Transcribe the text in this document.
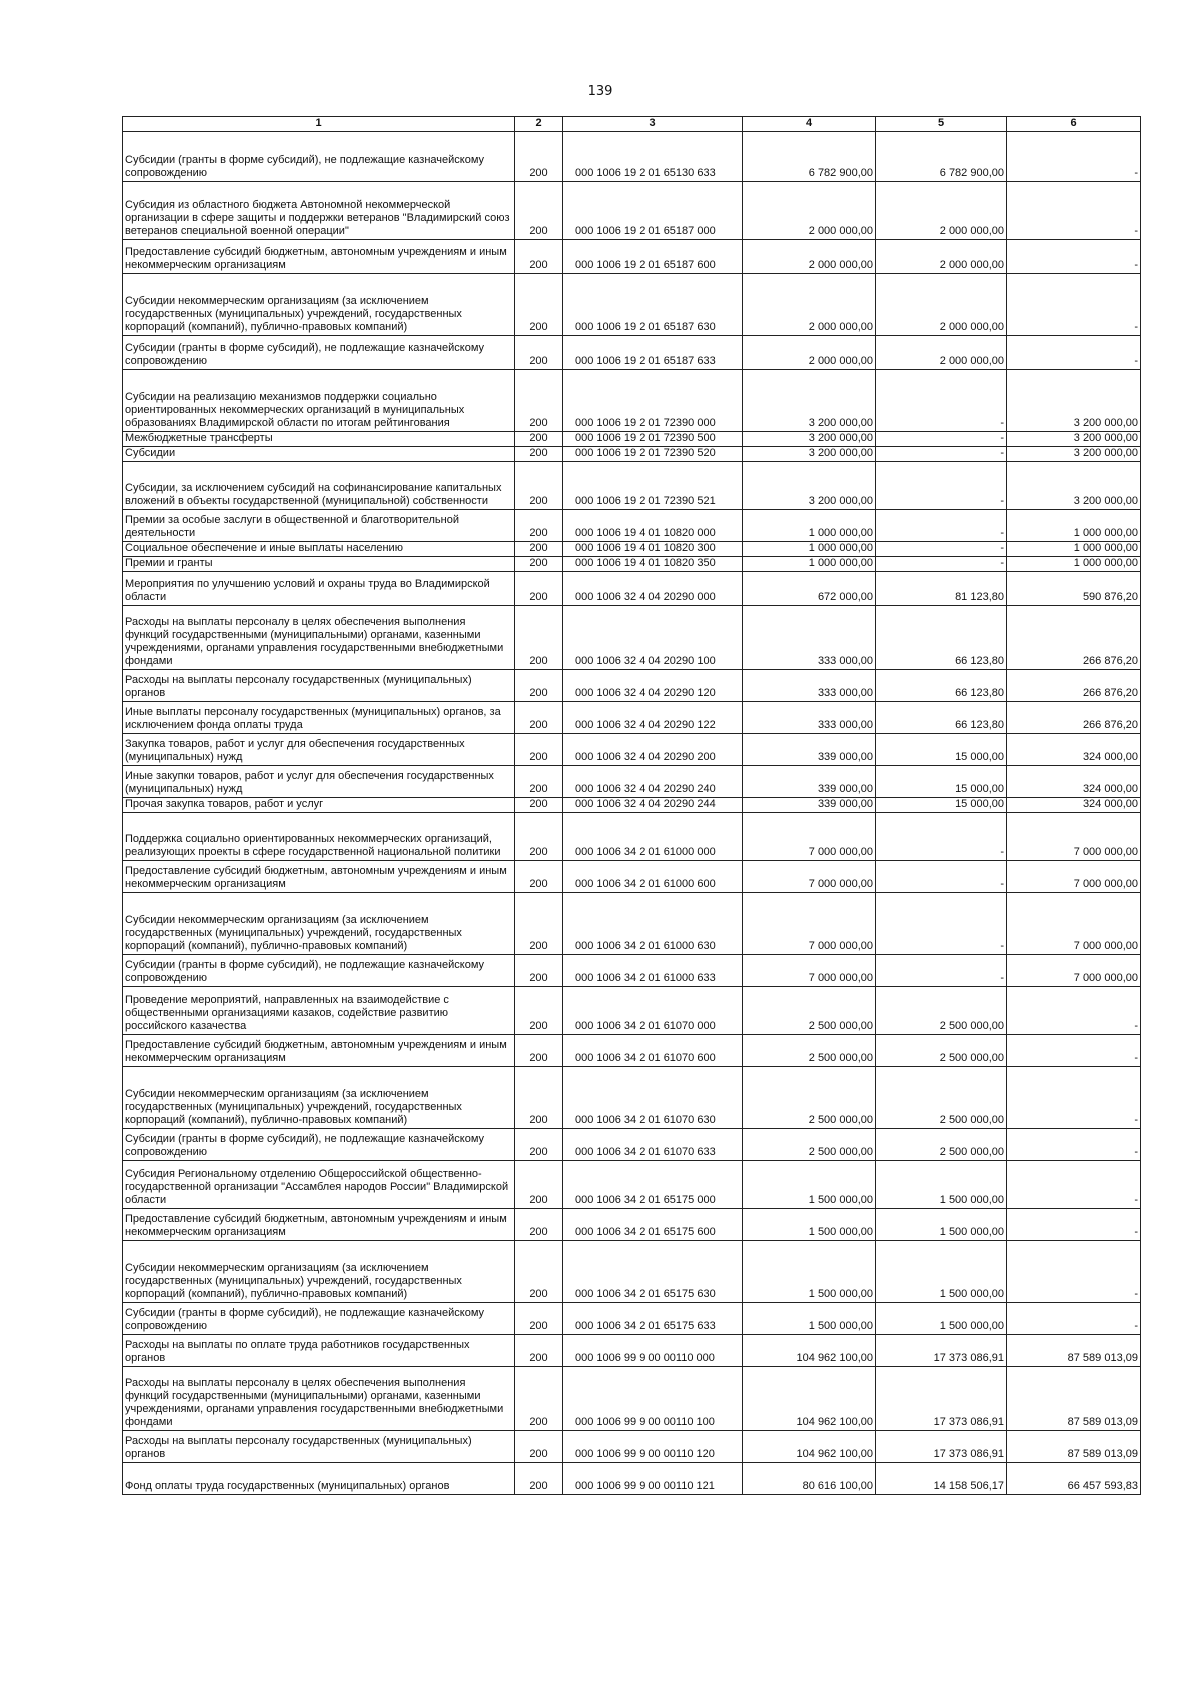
139
1	2	3	4	5	6
Субсидии (гранты в форме субсидий), не подлежащие казначейскому сопровождению	200	000 1006 19 2 01 65130 633	6 782 900,00	6 782 900,00	-
Субсидия из областного бюджета Автономной некоммерческой организации в сфере защиты и поддержки ветеранов "Владимирский союз ветеранов специальной военной операции"	200	000 1006 19 2 01 65187 000	2 000 000,00	2 000 000,00	-
Предоставление субсидий бюджетным, автономным учреждениям и иным некоммерческим организациям	200	000 1006 19 2 01 65187 600	2 000 000,00	2 000 000,00	-
Субсидии некоммерческим организациям (за исключением государственных (муниципальных) учреждений, государственных корпораций (компаний), публично-правовых компаний)	200	000 1006 19 2 01 65187 630	2 000 000,00	2 000 000,00	-
Субсидии (гранты в форме субсидий), не подлежащие казначейскому сопровождению	200	000 1006 19 2 01 65187 633	2 000 000,00	2 000 000,00	-
Субсидии на реализацию механизмов поддержки социально ориентированных некоммерческих организаций в муниципальных образованиях Владимирской области по итогам рейтингования	200	000 1006 19 2 01 72390 000	3 200 000,00	-	3 200 000,00
Межбюджетные трансферты	200	000 1006 19 2 01 72390 500	3 200 000,00	-	3 200 000,00
Субсидии	200	000 1006 19 2 01 72390 520	3 200 000,00	-	3 200 000,00
Субсидии, за исключением субсидий на софинансирование капитальных вложений в объекты государственной (муниципальной) собственности	200	000 1006 19 2 01 72390 521	3 200 000,00	-	3 200 000,00
Премии за особые заслуги в общественной и благотворительной деятельности	200	000 1006 19 4 01 10820 000	1 000 000,00	-	1 000 000,00
Социальное обеспечение и иные выплаты населению	200	000 1006 19 4 01 10820 300	1 000 000,00	-	1 000 000,00
Премии и гранты	200	000 1006 19 4 01 10820 350	1 000 000,00	-	1 000 000,00
Мероприятия по улучшению условий и охраны труда во Владимирской области	200	000 1006 32 4 04 20290 000	672 000,00	81 123,80	590 876,20
Расходы на выплаты персоналу в целях обеспечения выполнения функций государственными (муниципальными) органами, казенными учреждениями, органами управления государственными внебюджетными фондами	200	000 1006 32 4 04 20290 100	333 000,00	66 123,80	266 876,20
Расходы на выплаты персоналу государственных (муниципальных) органов	200	000 1006 32 4 04 20290 120	333 000,00	66 123,80	266 876,20
Иные выплаты персоналу государственных (муниципальных) органов, за исключением фонда оплаты труда	200	000 1006 32 4 04 20290 122	333 000,00	66 123,80	266 876,20
Закупка товаров, работ и услуг для обеспечения государственных (муниципальных) нужд	200	000 1006 32 4 04 20290 200	339 000,00	15 000,00	324 000,00
Иные закупки товаров, работ и услуг для обеспечения государственных (муниципальных) нужд	200	000 1006 32 4 04 20290 240	339 000,00	15 000,00	324 000,00
Прочая закупка товаров, работ и услуг	200	000 1006 32 4 04 20290 244	339 000,00	15 000,00	324 000,00
Поддержка социально ориентированных некоммерческих организаций, реализующих проекты в сфере государственной национальной политики	200	000 1006 34 2 01 61000 000	7 000 000,00	-	7 000 000,00
Предоставление субсидий бюджетным, автономным учреждениям и иным некоммерческим организациям	200	000 1006 34 2 01 61000 600	7 000 000,00	-	7 000 000,00
Субсидии некоммерческим организациям (за исключением государственных (муниципальных) учреждений, государственных корпораций (компаний), публично-правовых компаний)	200	000 1006 34 2 01 61000 630	7 000 000,00	-	7 000 000,00
Субсидии (гранты в форме субсидий), не подлежащие казначейскому сопровождению	200	000 1006 34 2 01 61000 633	7 000 000,00	-	7 000 000,00
Проведение мероприятий, направленных на взаимодействие с общественными организациями казаков, содействие развитию российского казачества	200	000 1006 34 2 01 61070 000	2 500 000,00	2 500 000,00	-
Предоставление субсидий бюджетным, автономным учреждениям и иным некоммерческим организациям	200	000 1006 34 2 01 61070 600	2 500 000,00	2 500 000,00	-
Субсидии некоммерческим организациям (за исключением государственных (муниципальных) учреждений, государственных корпораций (компаний), публично-правовых компаний)	200	000 1006 34 2 01 61070 630	2 500 000,00	2 500 000,00	-
Субсидии (гранты в форме субсидий), не подлежащие казначейскому сопровождению	200	000 1006 34 2 01 61070 633	2 500 000,00	2 500 000,00	-
Субсидия Региональному отделению Общероссийской общественно-государственной организации "Ассамблея народов России" Владимирской области	200	000 1006 34 2 01 65175 000	1 500 000,00	1 500 000,00	-
Предоставление субсидий бюджетным, автономным учреждениям и иным некоммерческим организациям	200	000 1006 34 2 01 65175 600	1 500 000,00	1 500 000,00	-
Субсидии некоммерческим организациям (за исключением государственных (муниципальных) учреждений, государственных корпораций (компаний), публично-правовых компаний)	200	000 1006 34 2 01 65175 630	1 500 000,00	1 500 000,00	-
Субсидии (гранты в форме субсидий), не подлежащие казначейскому сопровождению	200	000 1006 34 2 01 65175 633	1 500 000,00	1 500 000,00	-
Расходы на выплаты по оплате труда работников государственных органов	200	000 1006 99 9 00 00110 000	104 962 100,00	17 373 086,91	87 589 013,09
Расходы на выплаты персоналу в целях обеспечения выполнения функций государственными (муниципальными) органами, казенными учреждениями, органами управления государственными внебюджетными фондами	200	000 1006 99 9 00 00110 100	104 962 100,00	17 373 086,91	87 589 013,09
Расходы на выплаты персоналу государственных (муниципальных) органов	200	000 1006 99 9 00 00110 120	104 962 100,00	17 373 086,91	87 589 013,09
Фонд оплаты труда государственных (муниципальных) органов	200	000 1006 99 9 00 00110 121	80 616 100,00	14 158 506,17	66 457 593,83
